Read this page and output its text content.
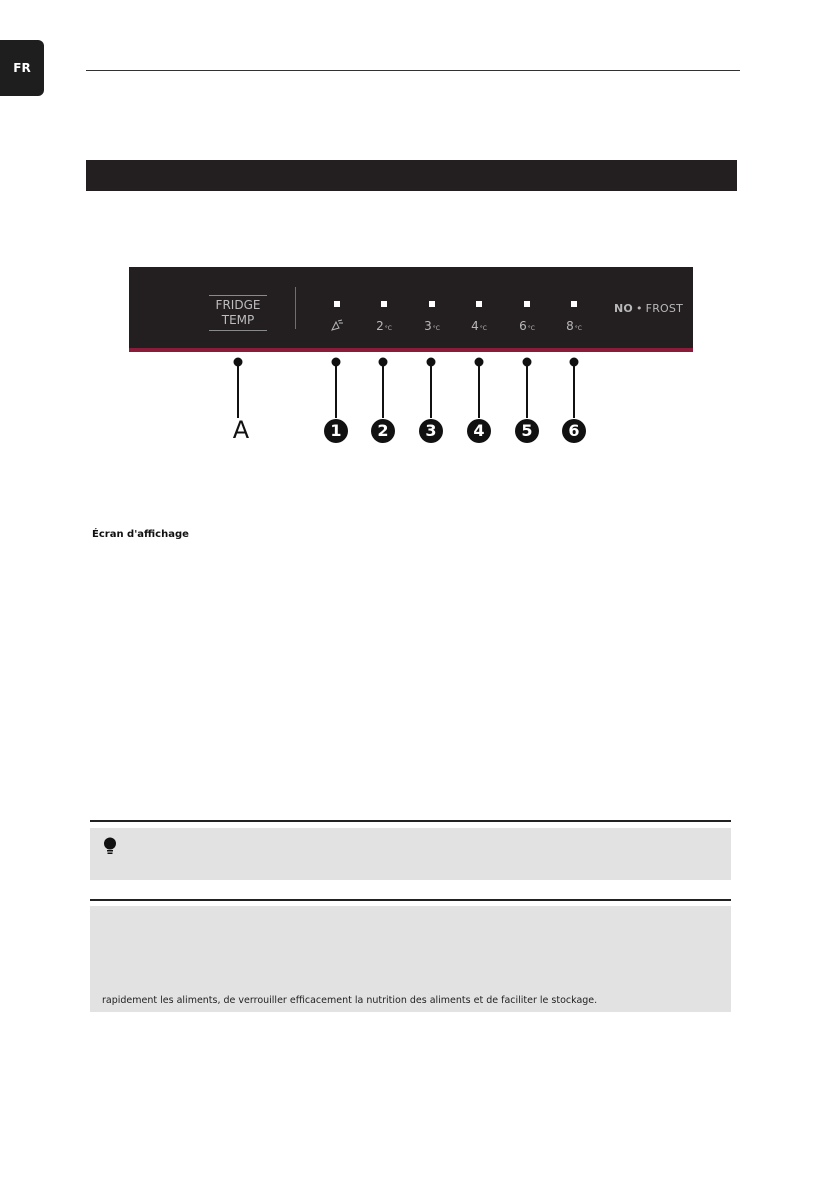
FR
FRIDGE
TEMP	2°C	3°C	4°C	6°C	8°C
NO • FROST
A	1	2	3	4	5	6
Écran d'affichage
rapidement les aliments, de verrouiller efficacement la nutrition des aliments et de faciliter le stockage.
